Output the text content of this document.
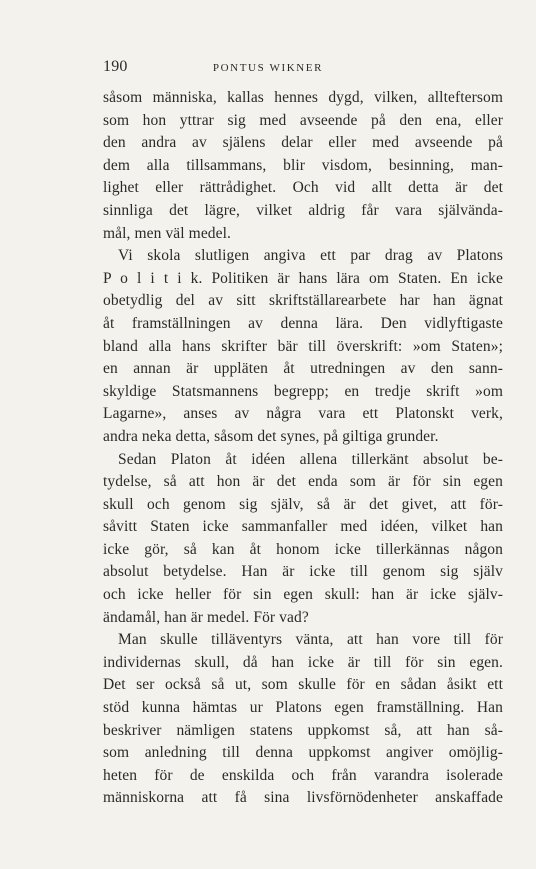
190	PONTUS WIKNER
såsom människa, kallas hennes dygd, vilken, allteftersom
som hon yttrar sig med avseende på den ena, eller
den andra av själens delar eller med avseende på
dem alla tillsammans, blir visdom, besinning, man-
lighet eller rättrådighet. Och vid allt detta är det
sinnliga det lägre, vilket aldrig får vara självända-
mål, men väl medel.
Vi skola slutligen angiva ett par drag av Platons
P o l i t i k. Politiken är hans lära om Staten. En icke
obetydlig del av sitt skriftställarearbete har han ägnat
åt framställningen av denna lära. Den vidlyftigaste
bland alla hans skrifter bär till överskrift: »om Staten»;
en annan är uppläten åt utredningen av den sann-
skyldige Statsmannens begrepp; en tredje skrift »om
Lagarne», anses av några vara ett Platonskt verk,
andra neka detta, såsom det synes, på giltiga grunder.
Sedan Platon åt idéen allena tillerkänt absolut be-
tydelse, så att hon är det enda som är för sin egen
skull och genom sig själv, så är det givet, att för-
såvitt Staten icke sammanfaller med idéen, vilket han
icke gör, så kan åt honom icke tillerkännas någon
absolut betydelse. Han är icke till genom sig själv
och icke heller för sin egen skull: han är icke själv-
ändamål, han är medel. För vad?
Man skulle tilläventyrs vänta, att han vore till för
individernas skull, då han icke är till för sin egen.
Det ser också så ut, som skulle för en sådan åsikt ett
stöd kunna hämtas ur Platons egen framställning. Han
beskriver nämligen statens uppkomst så, att han så-
som anledning till denna uppkomst angiver omöjlig-
heten för de enskilda och från varandra isolerade
människorna att få sina livsförnödenheter anskaffade
